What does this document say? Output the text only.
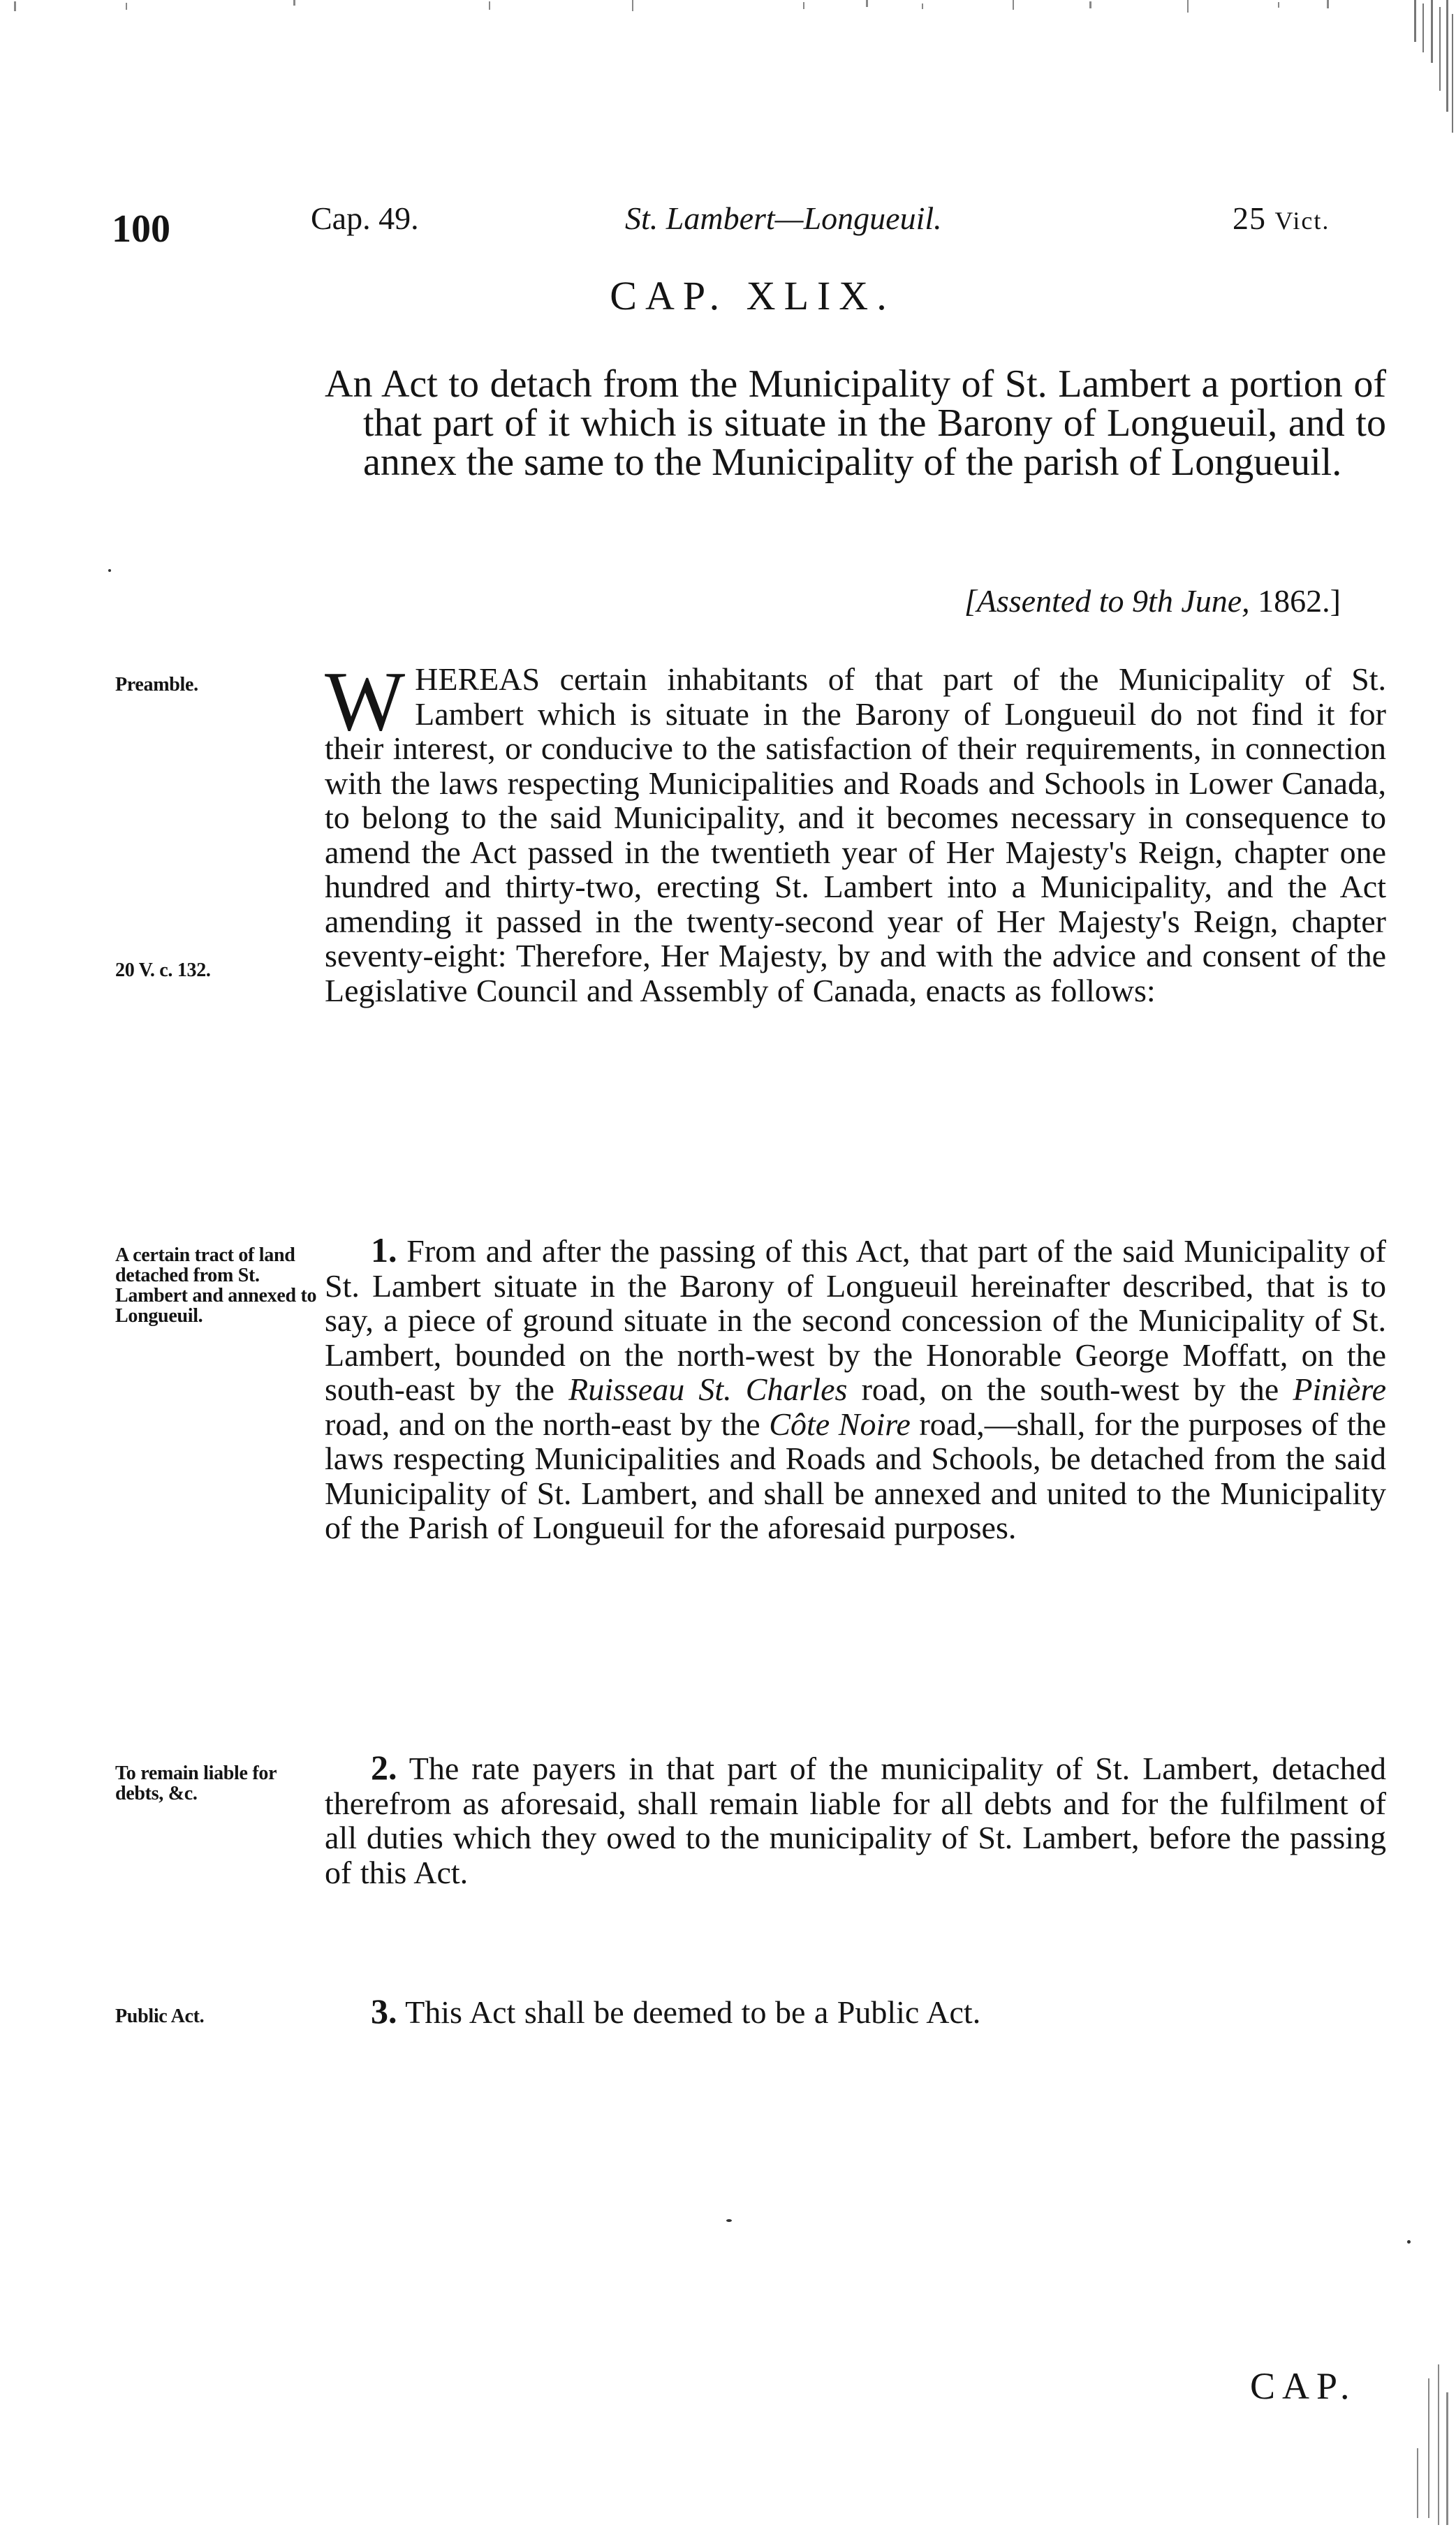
100	Cap. 49.	St. Lambert—Longueuil.	25 Vict.
CAP. XLIX.
An Act to detach from the Municipality of St. Lambert a portion of that part of it which is situate in the Barony of Longueuil, and to annex the same to the Municipality of the parish of Longueuil.
[Assented to 9th June, 1862.]
Preamble.
20 V. c. 132.

WHEREAS certain inhabitants of that part of the Municipality of St. Lambert which is situate in the Barony of Longueuil do not find it for their interest, or conducive to the satisfaction of their requirements, in connection with the laws respecting Municipalities and Roads and Schools in Lower Canada, to belong to the said Municipality, and it becomes necessary in consequence to amend the Act passed in the twentieth year of Her Majesty's Reign, chapter one hundred and thirty-two, erecting St. Lambert into a Municipality, and the Act amending it passed in the twenty-second year of Her Majesty's Reign, chapter seventy-eight: Therefore, Her Majesty, by and with the advice and consent of the Legislative Council and Assembly of Canada, enacts as follows:

A certain tract of land detached from St. Lambert and annexed to Longueuil.

1. From and after the passing of this Act, that part of the said Municipality of St. Lambert situate in the Barony of Longueuil hereinafter described, that is to say, a piece of ground situate in the second concession of the Municipality of St. Lambert, bounded on the north-west by the Honorable George Moffatt, on the south-east by the Ruisseau St. Charles road, on the south-west by the Pinière road, and on the north-east by the Côte Noire road,—shall, for the purposes of the laws respecting Municipalities and Roads and Schools, be detached from the said Municipality of St. Lambert, and shall be annexed and united to the Municipality of the Parish of Longueuil for the aforesaid purposes.

To remain liable for debts, &c.

2. The rate payers in that part of the municipality of St. Lambert, detached therefrom as aforesaid, shall remain liable for all debts and for the fulfilment of all duties which they owed to the municipality of St. Lambert, before the passing of this Act.

Public Act.	3. This Act shall be deemed to be a Public Act.

CAP.
